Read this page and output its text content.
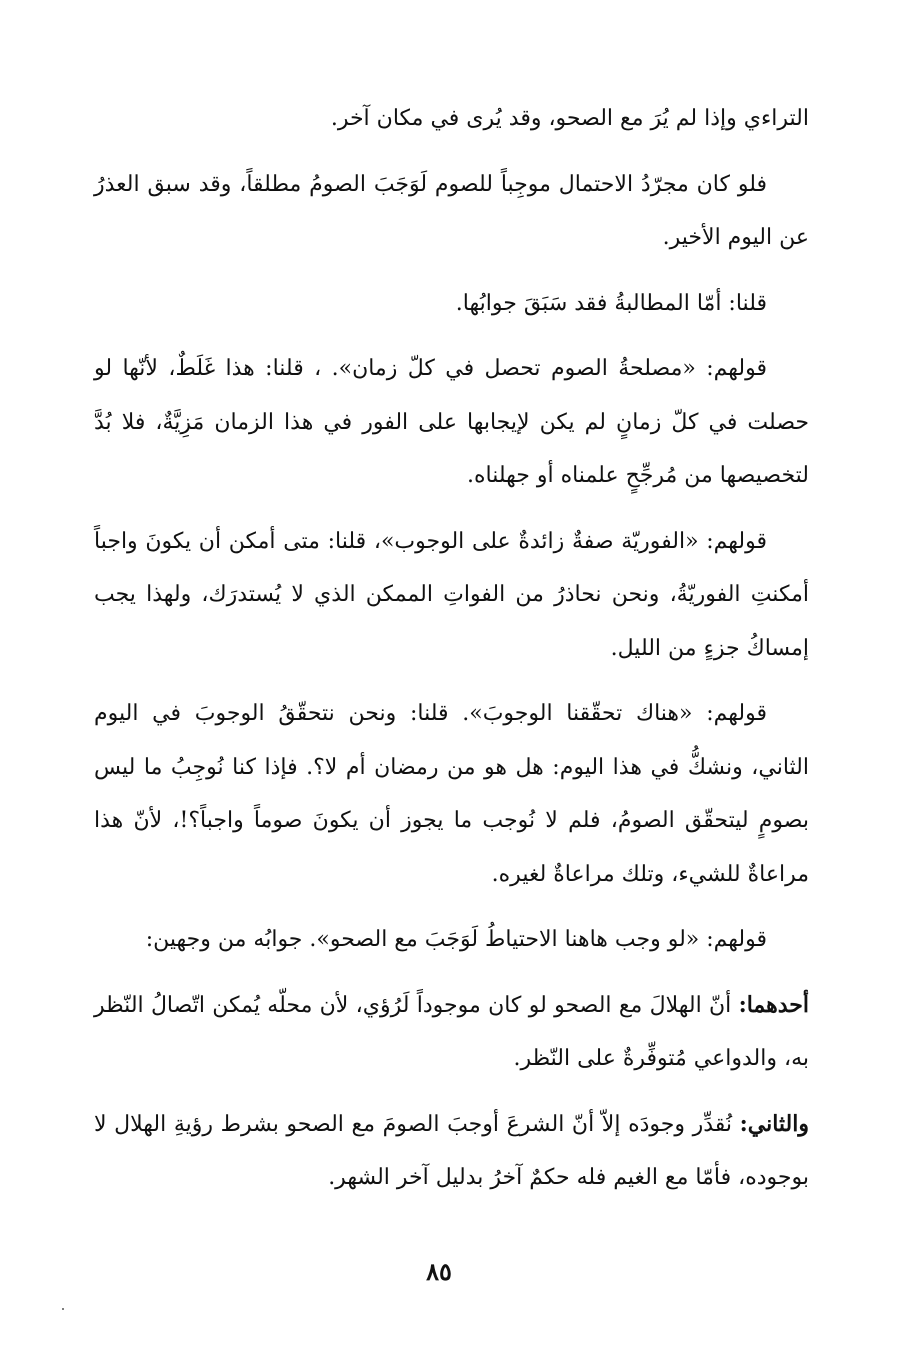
التراءي وإذا لم يُرَ مع الصحو، وقد يُرى في مكان آخر.

فلو كان مجرّدُ الاحتمال موجِباً للصوم لَوَجَبَ الصومُ مطلقاً، وقد سبق العذرُ عن اليوم الأخير.

قلنا: أمّا المطالبةُ فقد سَبَقَ جوابُها.

قولهم: «مصلحةُ الصوم تحصل في كلّ زمان». ، قلنا: هذا غَلَطٌ، لأنّها لو حصلت في كلّ زمانٍ لم يكن لإيجابها على الفور في هذا الزمان مَزِيَّةٌ، فلا بُدَّ لتخصيصها من مُرجِّحٍ علمناه أو جهلناه.

قولهم: «الفوريّة صفةٌ زائدةٌ على الوجوب»، قلنا: متى أمكن أن يكونَ واجباً أمكنتِ الفوريّةُ، ونحن نحاذرُ من الفواتِ الممكن الذي لا يُستدرَك، ولهذا يجب إمساكُ جزءٍ من الليل.

قولهم: «هناك تحقّقنا الوجوبَ». قلنا: ونحن نتحقّقُ الوجوبَ في اليوم الثاني، ونشكُّ في هذا اليوم: هل هو من رمضان أم لا؟. فإذا كنا نُوجِبُ ما ليس بصومٍ ليتحقّق الصومُ، فلم لا نُوجب ما يجوز أن يكونَ صوماً واجباً؟!، لأنّ هذا مراعاةٌ للشيء، وتلك مراعاةٌ لغيره.

قولهم: «لو وجب هاهنا الاحتياطُ لَوَجَبَ مع الصحو». جوابُه من وجهين:

أحدهما: أنّ الهلالَ مع الصحو لو كان موجوداً لَرُؤي، لأن محلّه يُمكن اتّصالُ النّظر به، والدواعي مُتوفِّرةٌ على النّظر.

والثاني: نُقدِّر وجودَه إلاّ أنّ الشرعَ أوجبَ الصومَ مع الصحو بشرط رؤيةِ الهلال لا بوجوده، فأمّا مع الغيم فله حكمٌ آخرُ بدليل آخر الشهر.

٨٥
